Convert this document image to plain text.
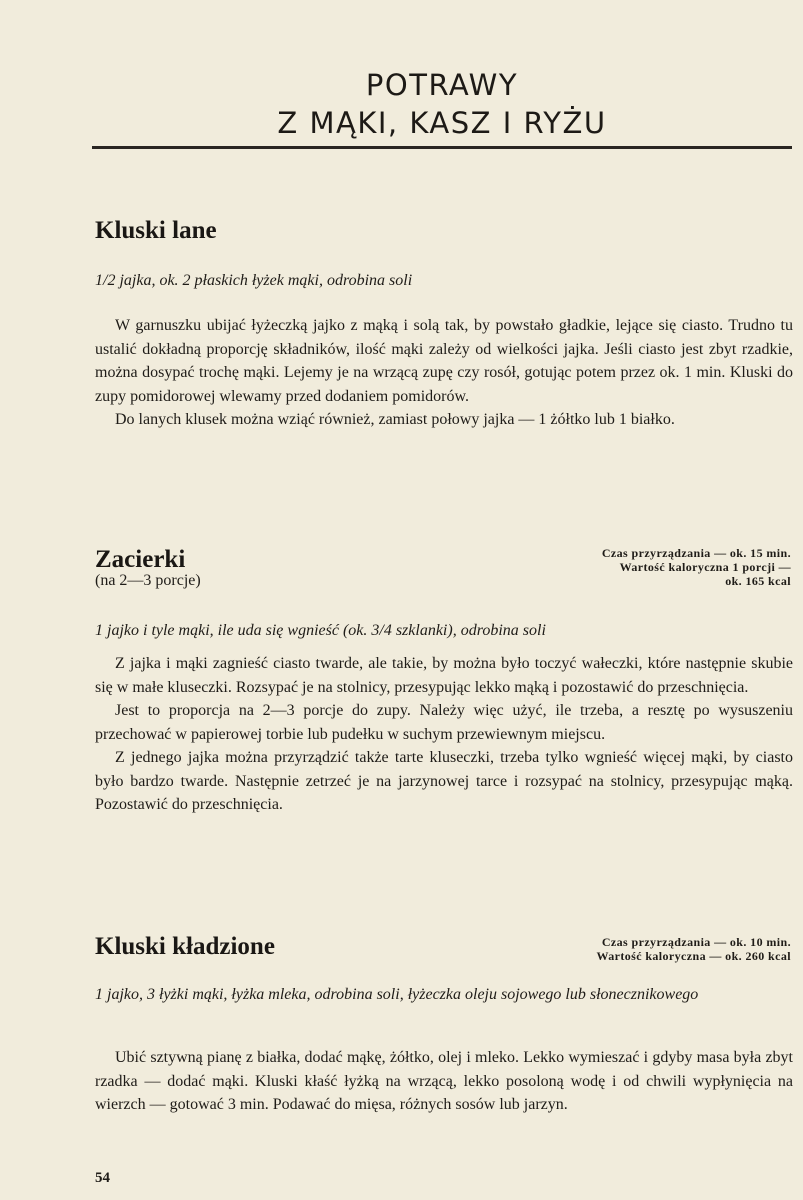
POTRAWY
Z MĄKI, KASZ I RYŻU
Kluski lane

1/2 jajka, ok. 2 płaskich łyżek mąki, odrobina soli

W garnuszku ubijać łyżeczką jajko z mąką i solą tak, by powstało gładkie, lejące się ciasto. Trudno tu ustalić dokładną proporcję składników, ilość mąki zależy od wielkości jajka. Jeśli ciasto jest zbyt rzadkie, można dosypać trochę mąki. Lejemy je na wrzącą zupę czy rosół, gotując potem przez ok. 1 min. Kluski do zupy pomidorowej wlewamy przed dodaniem pomidorów.

Do lanych klusek można wziąć również, zamiast połowy jajka — 1 żółtko lub 1 białko.

Zacierki
(na 2—3 porcje)
Czas przyrządzania — ok. 15 min.
Wartość kaloryczna 1 porcji —
ok. 165 kcal

1 jajko i tyle mąki, ile uda się wgnieść (ok. 3/4 szklanki), odrobina soli

Z jajka i mąki zagnieść ciasto twarde, ale takie, by można było toczyć wałeczki, które następnie skubie się w małe kluseczki. Rozsypać je na stolnicy, przesypując lekko mąką i pozostawić do przeschnięcia.

Jest to proporcja na 2—3 porcje do zupy. Należy więc użyć, ile trzeba, a resztę po wysuszeniu przechować w papierowej torbie lub pudełku w suchym przewiewnym miejscu.

Z jednego jajka można przyrządzić także tarte kluseczki, trzeba tylko wgnieść więcej mąki, by ciasto było bardzo twarde. Następnie zetrzeć je na jarzynowej tarce i rozsypać na stolnicy, przesypując mąką. Pozostawić do przeschnięcia.

Kluski kładzione	Czas przyrządzania — ok. 10 min.
Wartość kaloryczna — ok. 260 kcal

1 jajko, 3 łyżki mąki, łyżka mleka, odrobina soli, łyżeczka oleju sojowego lub słonecznikowego

Ubić sztywną pianę z białka, dodać mąkę, żółtko, olej i mleko. Lekko wymieszać i gdyby masa była zbyt rzadka — dodać mąki. Kluski kłaść łyżką na wrzącą, lekko posoloną wodę i od chwili wypłynięcia na wierzch — gotować 3 min. Podawać do mięsa, różnych sosów lub jarzyn.

54
